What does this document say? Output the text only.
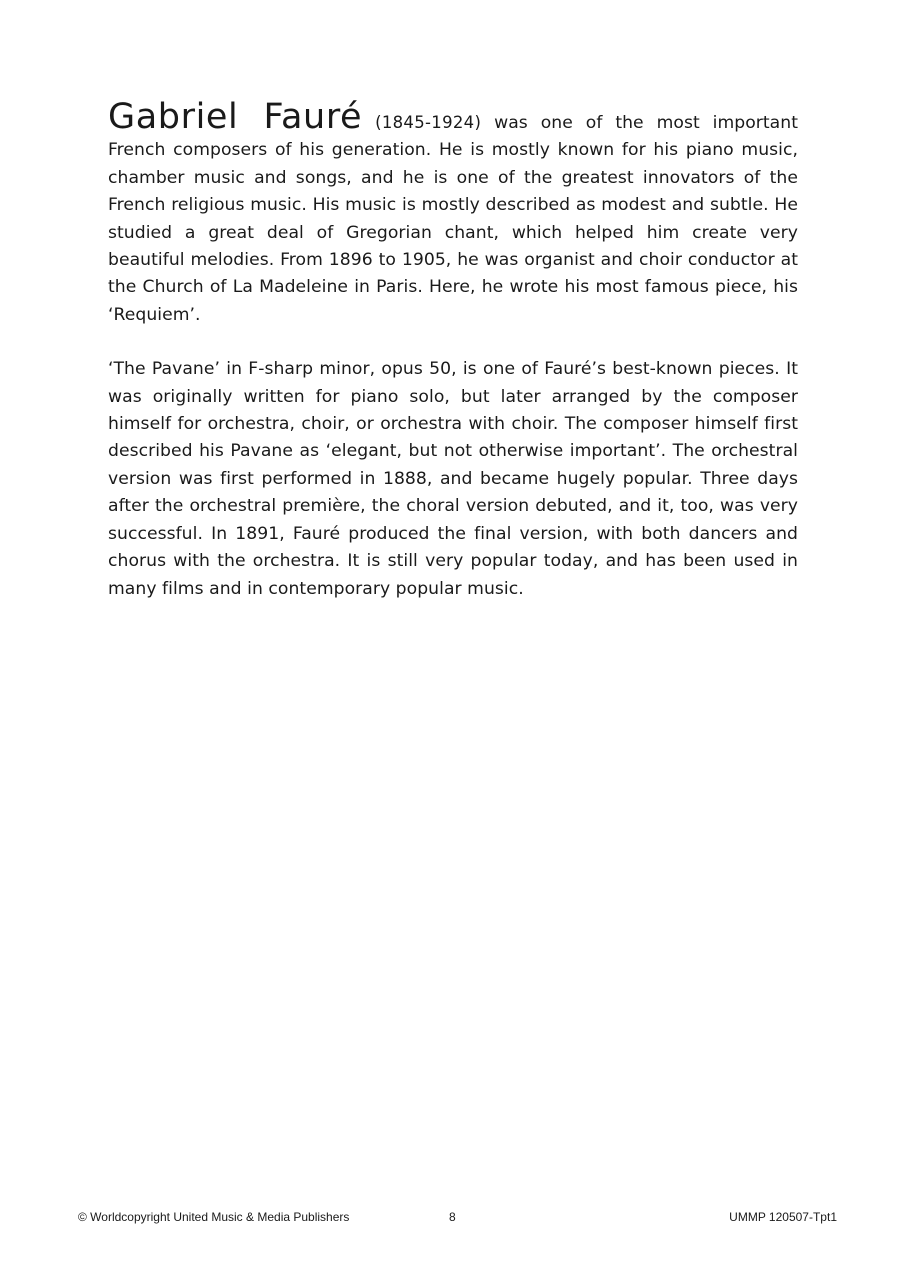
Gabriel Fauré (1845-1924) was one of the most important French composers of his generation. He is mostly known for his piano music, chamber music and songs, and he is one of the greatest innovators of the French religious music. His music is mostly described as modest and subtle. He studied a great deal of Gregorian chant, which helped him create very beautiful melodies. From 1896 to 1905, he was organist and choir conductor at the Church of La Madeleine in Paris. Here, he wrote his most famous piece, his ‘Requiem’.

‘The Pavane’ in F-sharp minor, opus 50, is one of Fauré’s best-known pieces. It was originally written for piano solo, but later arranged by the composer himself for orchestra, choir, or orchestra with choir. The composer himself first described his Pavane as ‘elegant, but not otherwise important’. The orchestral version was first performed in 1888, and became hugely popular. Three days after the orchestral première, the choral version debuted, and it, too, was very successful. In 1891, Fauré produced the final version, with both dancers and chorus with the orchestra. It is still very popular today, and has been used in many films and in contemporary popular music.

© Worldcopyright United Music & Media Publishers	8	UMMP 120507-Tpt1
